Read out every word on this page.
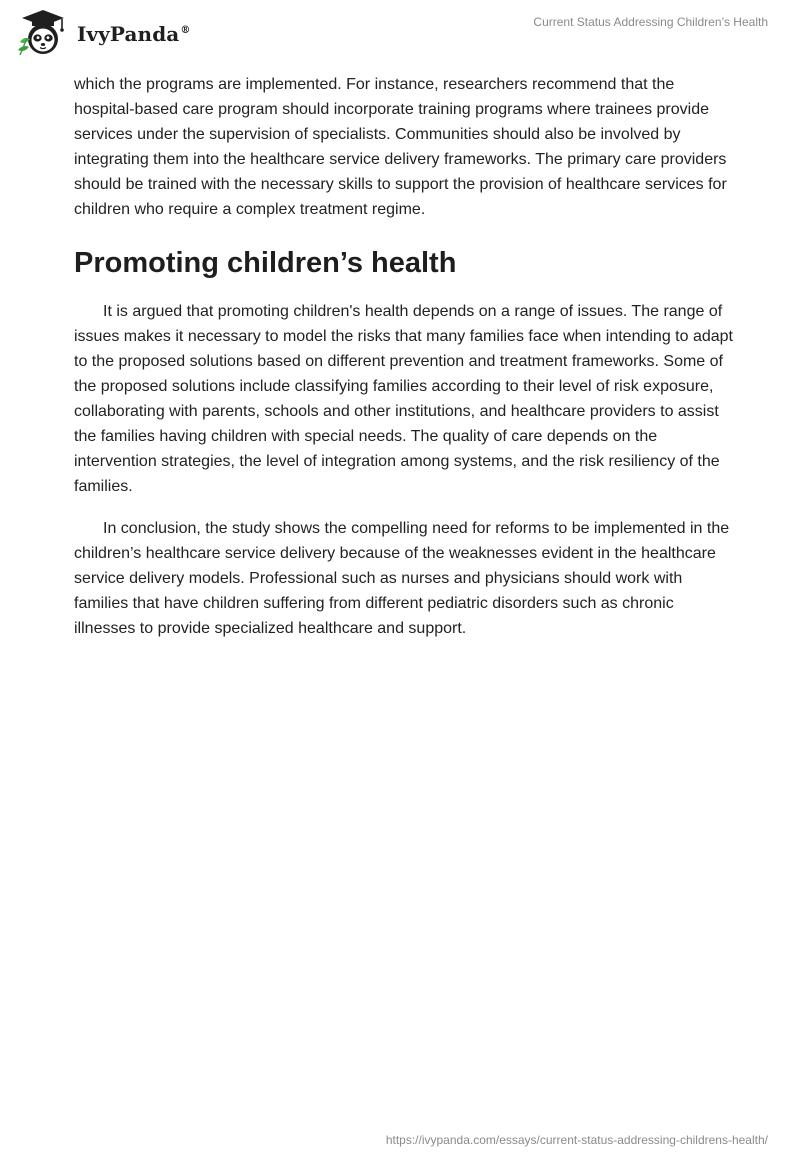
IvyPanda®
Current Status Addressing Children’s Health

which the programs are implemented. For instance, researchers recommend that the hospital-based care program should incorporate training programs where trainees provide services under the supervision of specialists. Communities should also be involved by integrating them into the healthcare service delivery frameworks. The primary care providers should be trained with the necessary skills to support the provision of healthcare services for children who require a complex treatment regime.

Promoting children’s health

It is argued that promoting children's health depends on a range of issues. The range of issues makes it necessary to model the risks that many families face when intending to adapt to the proposed solutions based on different prevention and treatment frameworks. Some of the proposed solutions include classifying families according to their level of risk exposure, collaborating with parents, schools and other institutions, and healthcare providers to assist the families having children with special needs. The quality of care depends on the intervention strategies, the level of integration among systems, and the risk resiliency of the families.

In conclusion, the study shows the compelling need for reforms to be implemented in the children’s healthcare service delivery because of the weaknesses evident in the healthcare service delivery models. Professional such as nurses and physicians should work with families that have children suffering from different pediatric disorders such as chronic illnesses to provide specialized healthcare and support.

https://ivypanda.com/essays/current-status-addressing-childrens-health/
